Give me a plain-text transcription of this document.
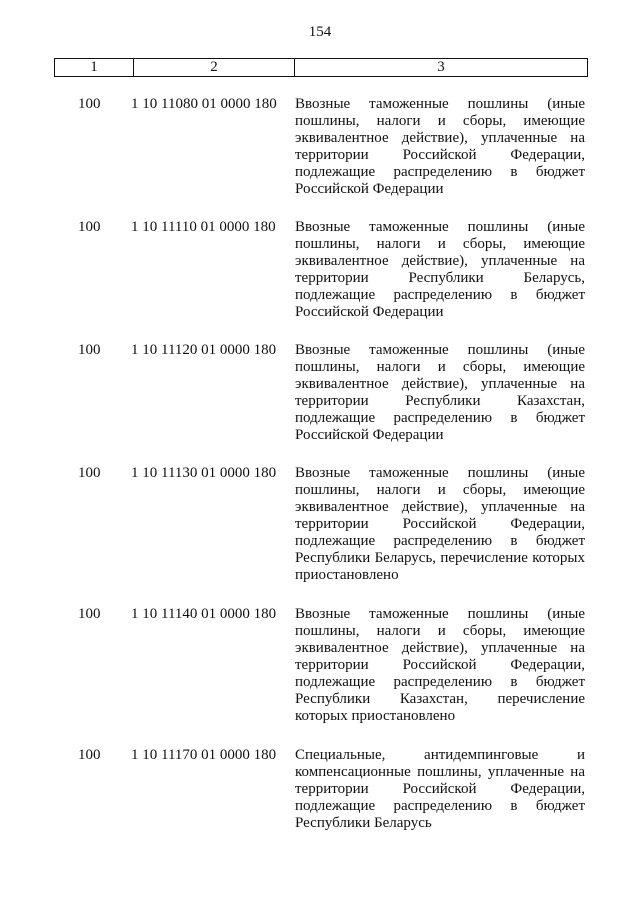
154
1	2	3
100	1 10 11080 01 0000 180	Ввозные таможенные пошлины (иные пошлины, налоги и сборы, имеющие эквивалентное действие), уплаченные на территории Российской Федерации, подлежащие распределению в бюджет Российской Федерации
100	1 10 11110 01 0000 180	Ввозные таможенные пошлины (иные пошлины, налоги и сборы, имеющие эквивалентное действие), уплаченные на территории Республики Беларусь, подлежащие распределению в бюджет Российской Федерации
100	1 10 11120 01 0000 180	Ввозные таможенные пошлины (иные пошлины, налоги и сборы, имеющие эквивалентное действие), уплаченные на территории Республики Казахстан, подлежащие распределению в бюджет Российской Федерации
100	1 10 11130 01 0000 180	Ввозные таможенные пошлины (иные пошлины, налоги и сборы, имеющие эквивалентное действие), уплаченные на территории Российской Федерации, подлежащие распределению в бюджет Республики Беларусь, перечисление которых приостановлено
100	1 10 11140 01 0000 180	Ввозные таможенные пошлины (иные пошлины, налоги и сборы, имеющие эквивалентное действие), уплаченные на территории Российской Федерации, подлежащие распределению в бюджет Республики Казахстан, перечисление которых приостановлено
100	1 10 11170 01 0000 180	Специальные, антидемпинговые и компенсационные пошлины, уплаченные на территории Российской Федерации, подлежащие распределению в бюджет Республики Беларусь
